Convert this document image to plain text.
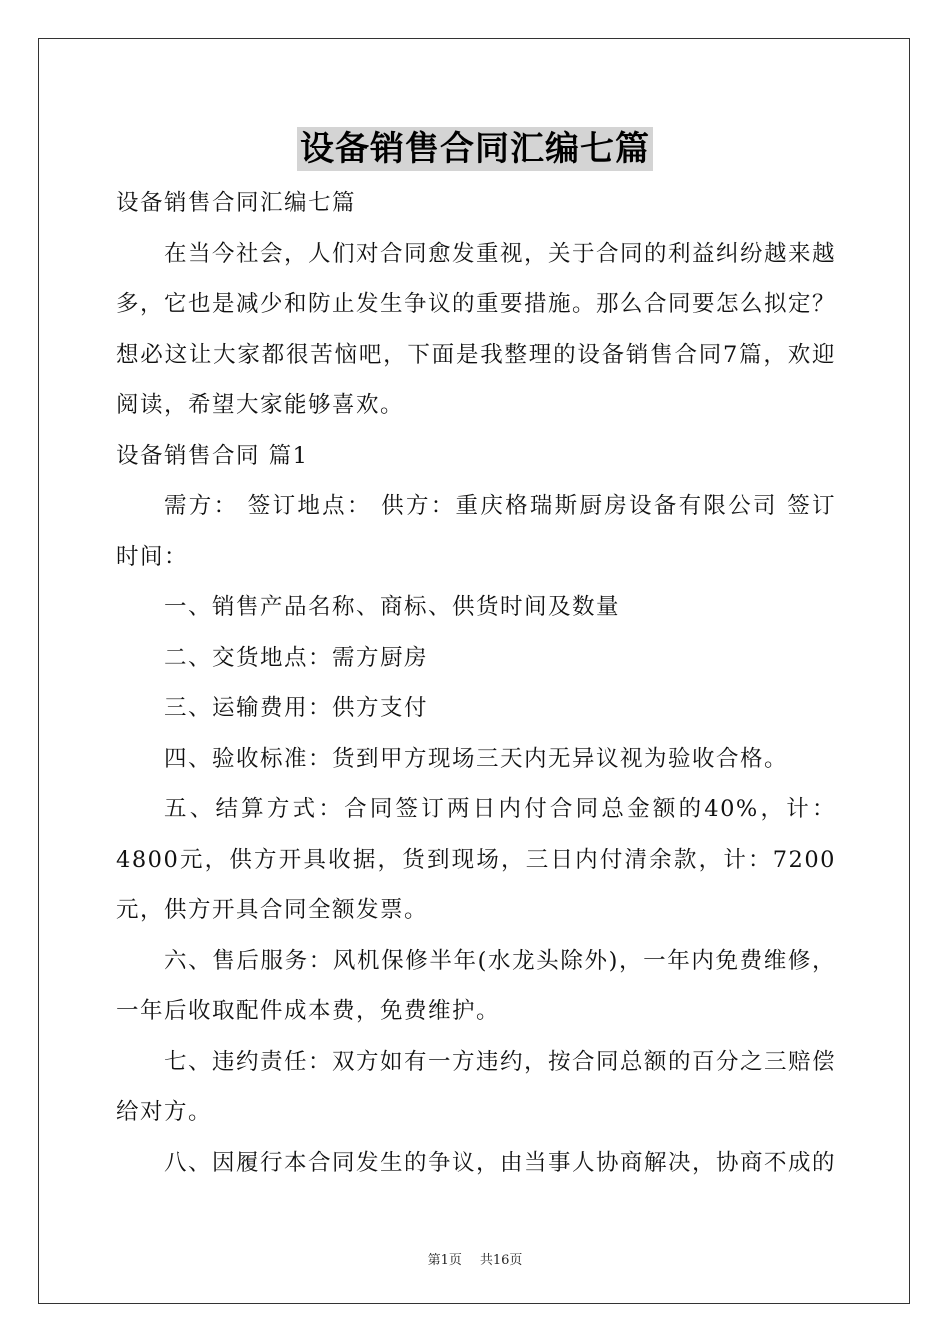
设备销售合同汇编七篇

设备销售合同汇编七篇

在当今社会，人们对合同愈发重视，关于合同的利益纠纷越来越多，它也是减少和防止发生争议的重要措施。那么合同要怎么拟定？想必这让大家都很苦恼吧，下面是我整理的设备销售合同7篇，欢迎阅读，希望大家能够喜欢。

设备销售合同 篇1

需方： 签订地点： 供方：重庆格瑞斯厨房设备有限公司 签订时间：

一、销售产品名称、商标、供货时间及数量

二、交货地点：需方厨房

三、运输费用：供方支付

四、验收标准：货到甲方现场三天内无异议视为验收合格。

五、结算方式：合同签订两日内付合同总金额的40%，计：4800元，供方开具收据，货到现场，三日内付清余款，计：7200元，供方开具合同全额发票。

六、售后服务：风机保修半年(水龙头除外)，一年内免费维修，一年后收取配件成本费，免费维护。

七、违约责任：双方如有一方违约，按合同总额的百分之三赔偿给对方。

八、因履行本合同发生的争议，由当事人协商解决，协商不成的

第1页 共16页
